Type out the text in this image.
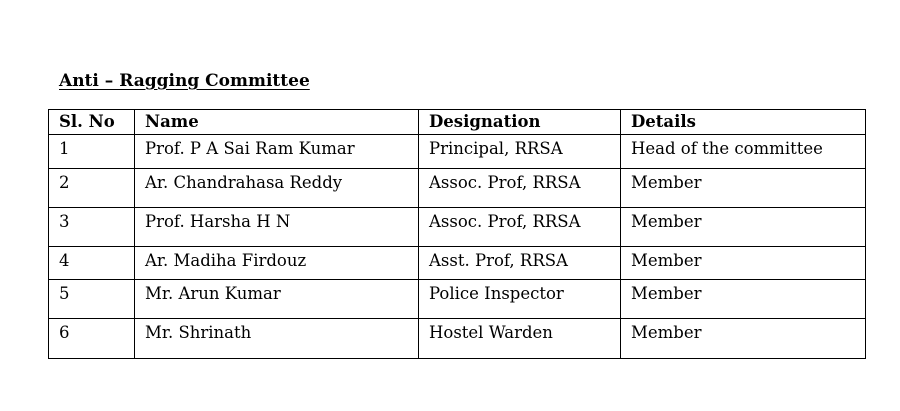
Anti – Ragging Committee
Sl. No	Name	Designation	Details
1	Prof. P A Sai Ram Kumar	Principal, RRSA	Head of the committee
2	Ar. Chandrahasa Reddy	Assoc. Prof, RRSA	Member
3	Prof. Harsha H N	Assoc. Prof, RRSA	Member
4	Ar. Madiha Firdouz	Asst. Prof, RRSA	Member
5	Mr. Arun Kumar	Police Inspector	Member
6	Mr. Shrinath	Hostel Warden	Member
